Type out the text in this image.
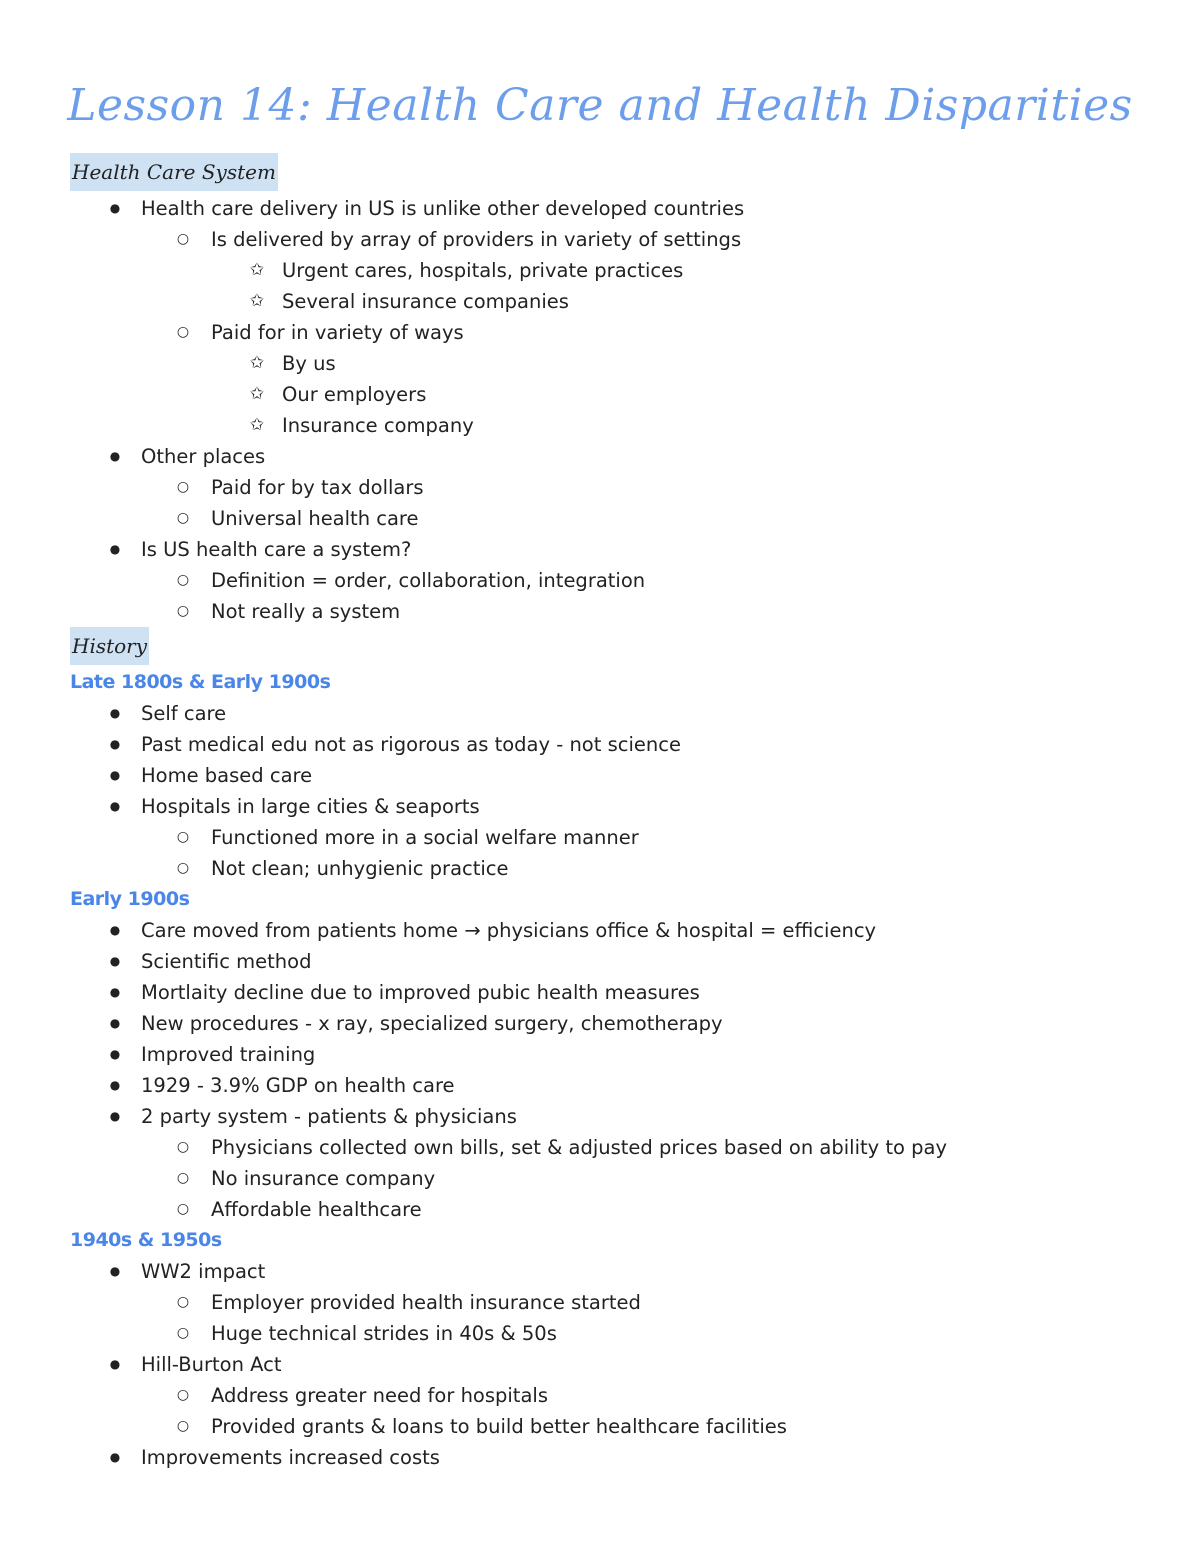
Lesson 14: Health Care and Health Disparities
Health Care System
● Health care delivery in US is unlike other developed countries
○ Is delivered by array of providers in variety of settings
✩ Urgent cares, hospitals, private practices
✩ Several insurance companies
○ Paid for in variety of ways
✩ By us
✩ Our employers
✩ Insurance company
● Other places
○ Paid for by tax dollars
○ Universal health care
● Is US health care a system?
○ Definition = order, collaboration, integration
○ Not really a system
History
Late 1800s & Early 1900s
● Self care
● Past medical edu not as rigorous as today - not science
● Home based care
● Hospitals in large cities & seaports
○ Functioned more in a social welfare manner
○ Not clean; unhygienic practice
Early 1900s
● Care moved from patients home → physicians office & hospital = efficiency
● Scientific method
● Mortlaity decline due to improved pubic health measures
● New procedures - x ray, specialized surgery, chemotherapy
● Improved training
● 1929 - 3.9% GDP on health care
● 2 party system - patients & physicians
○ Physicians collected own bills, set & adjusted prices based on ability to pay
○ No insurance company
○ Affordable healthcare
1940s & 1950s
● WW2 impact
○ Employer provided health insurance started
○ Huge technical strides in 40s & 50s
● Hill-Burton Act
○ Address greater need for hospitals
○ Provided grants & loans to build better healthcare facilities
● Improvements increased costs
